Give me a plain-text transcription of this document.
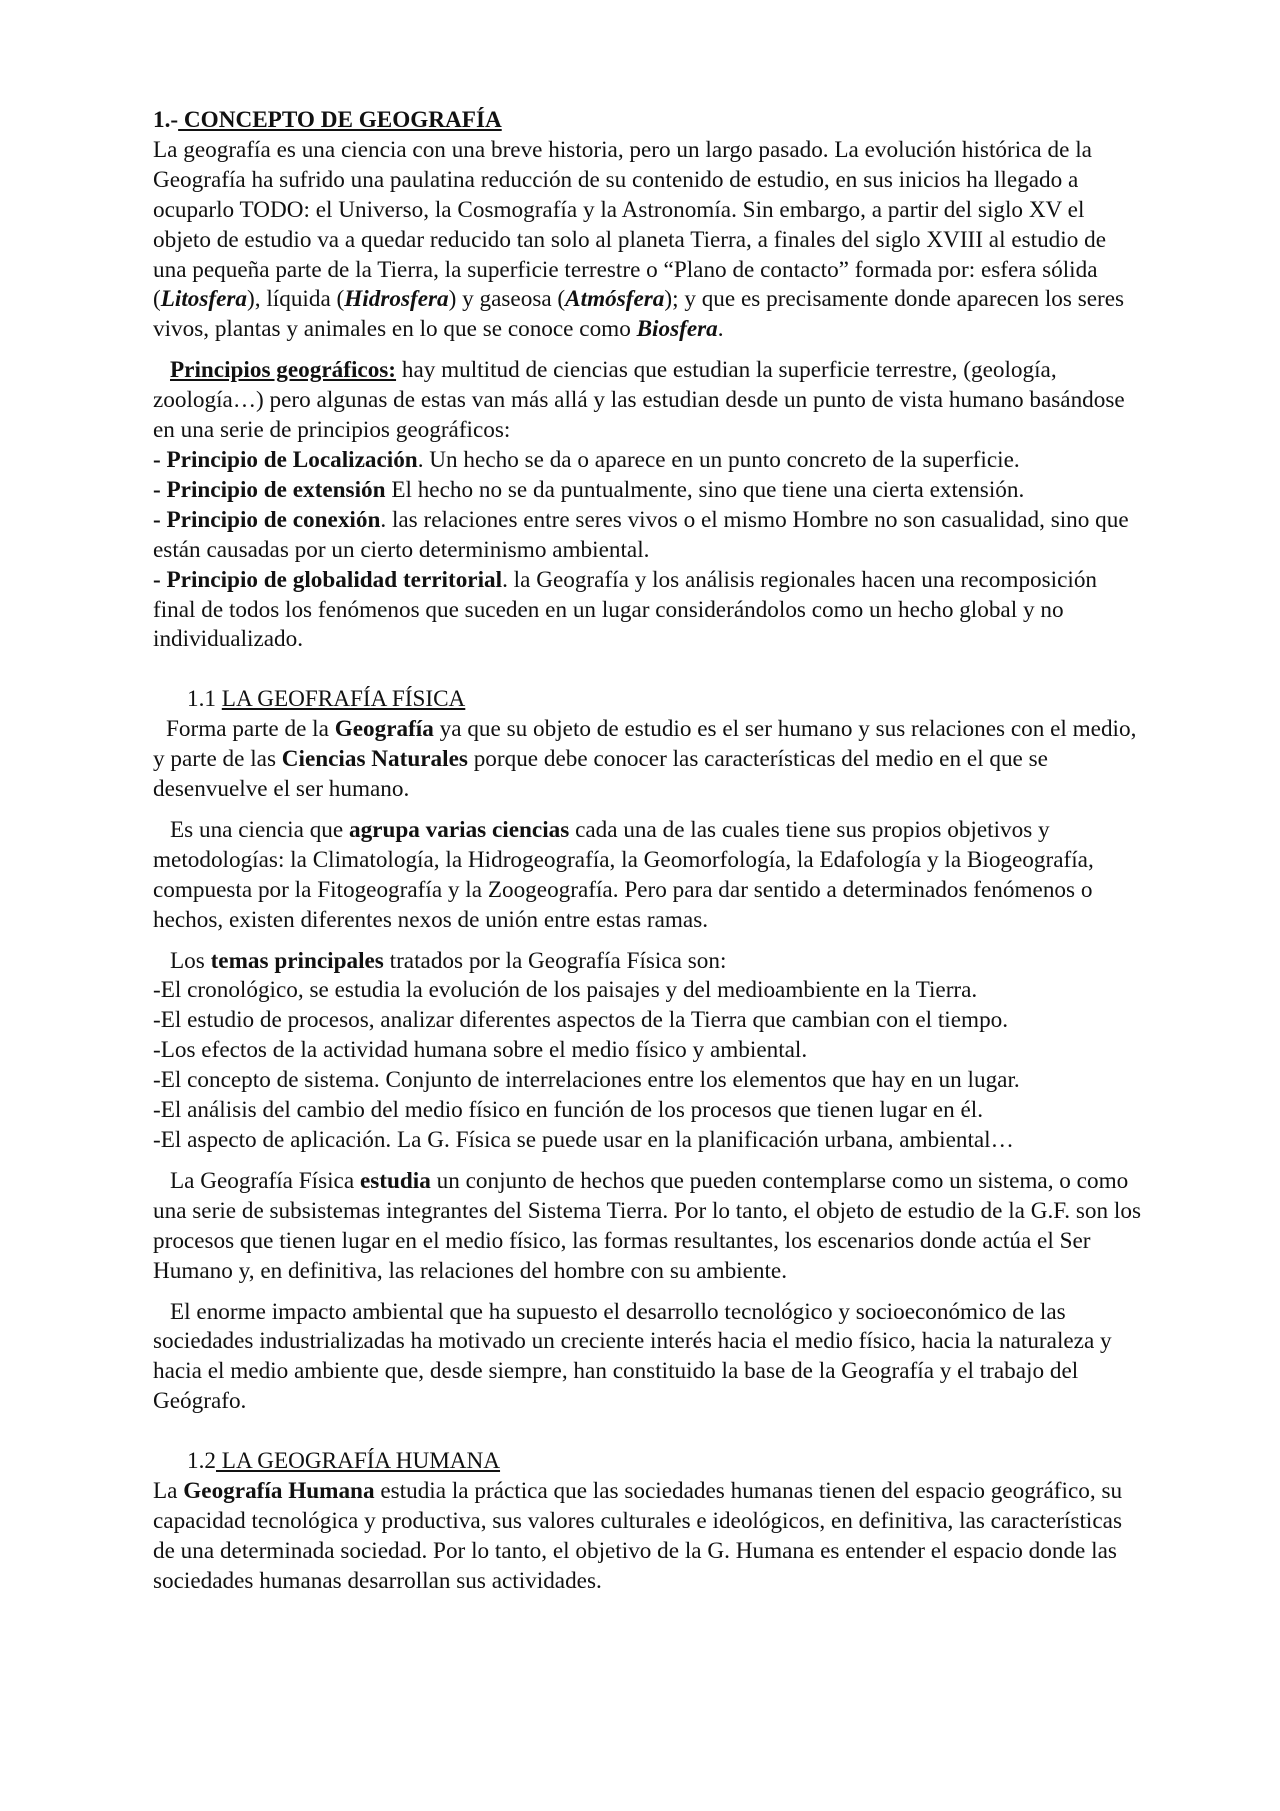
1.- CONCEPTO DE GEOGRAFÍA

La geografía es una ciencia con una breve historia, pero un largo pasado. La evolución histórica de la Geografía ha sufrido una paulatina reducción de su contenido de estudio, en sus inicios ha llegado a ocuparlo TODO: el Universo, la Cosmografía y la Astronomía. Sin embargo, a partir del siglo XV el objeto de estudio va a quedar reducido tan solo al planeta Tierra, a finales del siglo XVIII al estudio de una pequeña parte de la Tierra, la superficie terrestre o “Plano de contacto” formada por: esfera sólida (Litosfera), líquida (Hidrosfera) y gaseosa (Atmósfera); y que es precisamente donde aparecen los seres vivos, plantas y animales en lo que se conoce como Biosfera.

Principios geográficos: hay multitud de ciencias que estudian la superficie terrestre, (geología, zoología…) pero algunas de estas van más allá y las estudian desde un punto de vista humano basándose en una serie de principios geográficos:

- Principio de Localización. Un hecho se da o aparece en un punto concreto de la superficie.

- Principio de extensión El hecho no se da puntualmente, sino que tiene una cierta extensión.

- Principio de conexión. las relaciones entre seres vivos o el mismo Hombre no son casualidad, sino que están causadas por un cierto determinismo ambiental.

- Principio de globalidad territorial. la Geografía y los análisis regionales hacen una recomposición final de todos los fenómenos que suceden en un lugar considerándolos como un hecho global y no individualizado.

1.1 LA GEOFRAFÍA FÍSICA

Forma parte de la Geografía ya que su objeto de estudio es el ser humano y sus relaciones con el medio, y parte de las Ciencias Naturales porque debe conocer las características del medio en el que se desenvuelve el ser humano.

Es una ciencia que agrupa varias ciencias cada una de las cuales tiene sus propios objetivos y metodologías: la Climatología, la Hidrogeografía, la Geomorfología, la Edafología y la Biogeografía, compuesta por la Fitogeografía y la Zoogeografía. Pero para dar sentido a determinados fenómenos o hechos, existen diferentes nexos de unión entre estas ramas.

Los temas principales tratados por la Geografía Física son:

-El cronológico, se estudia la evolución de los paisajes y del medioambiente en la Tierra.

-El estudio de procesos, analizar diferentes aspectos de la Tierra que cambian con el tiempo.

-Los efectos de la actividad humana sobre el medio físico y ambiental.

-El concepto de sistema. Conjunto de interrelaciones entre los elementos que hay en un lugar.

-El análisis del cambio del medio físico en función de los procesos que tienen lugar en él.

-El aspecto de aplicación. La G. Física se puede usar en la planificación urbana, ambiental…

La Geografía Física estudia un conjunto de hechos que pueden contemplarse como un sistema, o como una serie de subsistemas integrantes del Sistema Tierra. Por lo tanto, el objeto de estudio de la G.F. son los procesos que tienen lugar en el medio físico, las formas resultantes, los escenarios donde actúa el Ser Humano y, en definitiva, las relaciones del hombre con su ambiente.

El enorme impacto ambiental que ha supuesto el desarrollo tecnológico y socioeconómico de las sociedades industrializadas ha motivado un creciente interés hacia el medio físico, hacia la naturaleza y hacia el medio ambiente que, desde siempre, han constituido la base de la Geografía y el trabajo del Geógrafo.

1.2 LA GEOGRAFÍA HUMANA

La Geografía Humana estudia la práctica que las sociedades humanas tienen del espacio geográfico, su capacidad tecnológica y productiva, sus valores culturales e ideológicos, en definitiva, las características de una determinada sociedad. Por lo tanto, el objetivo de la G. Humana es entender el espacio donde las sociedades humanas desarrollan sus actividades.
